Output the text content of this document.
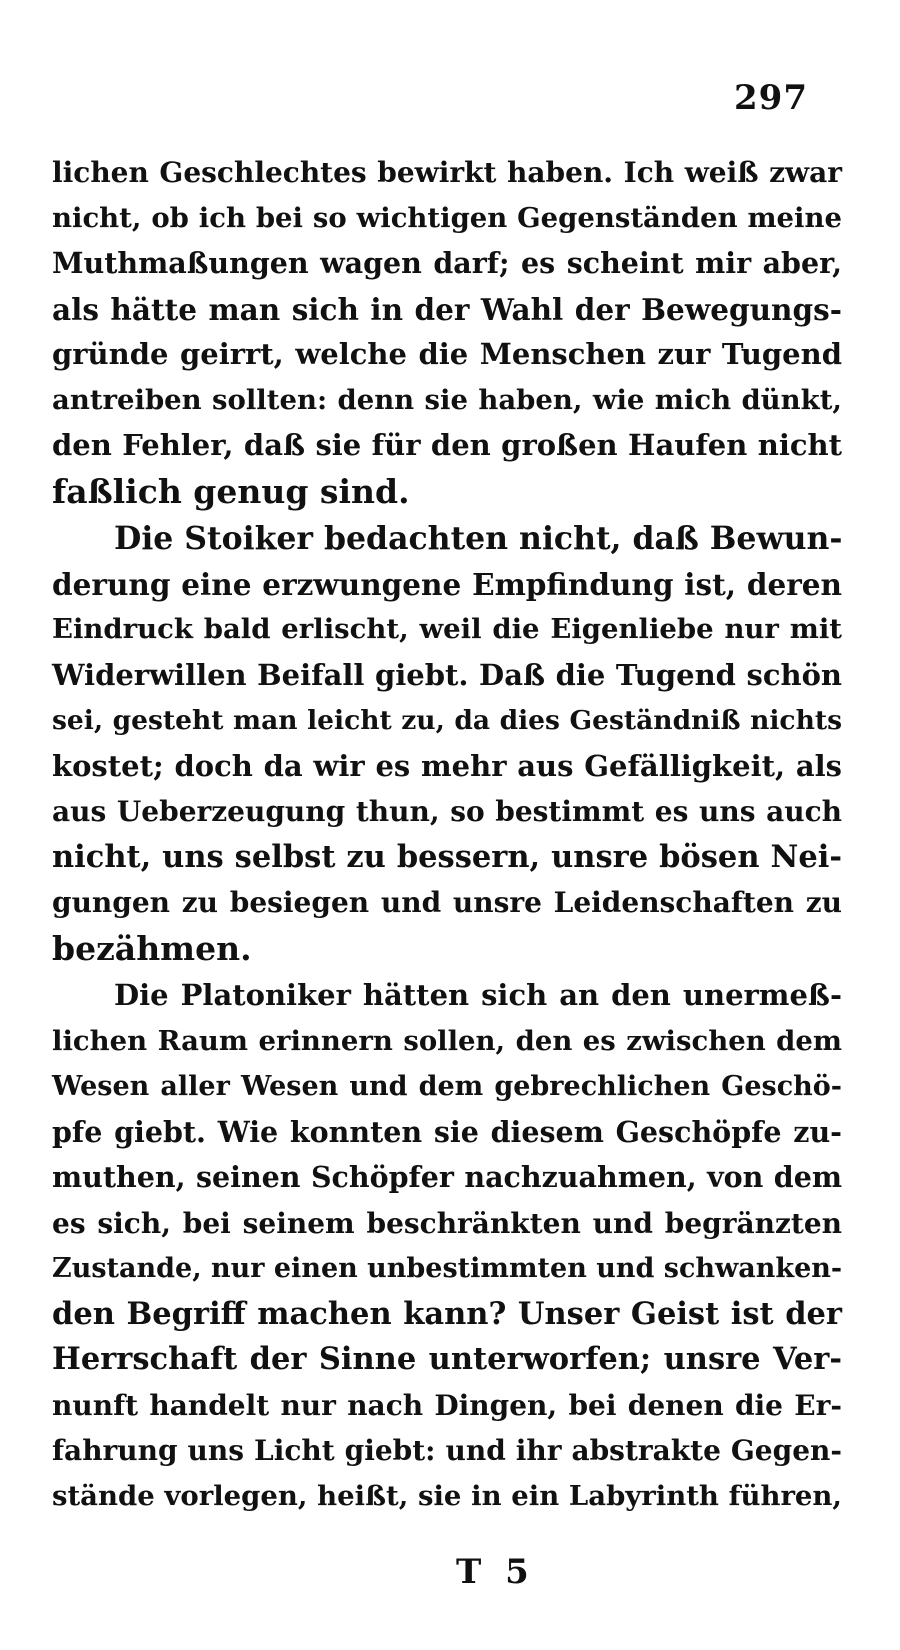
297
lichen Geschlechtes bewirkt haben. Ich weiß zwar
nicht, ob ich bei so wichtigen Gegenständen meine
Muthmaßungen wagen darf; es scheint mir aber,
als hätte man sich in der Wahl der Bewegungs-
gründe geirrt, welche die Menschen zur Tugend
antreiben sollten: denn sie haben, wie mich dünkt,
den Fehler, daß sie für den großen Haufen nicht
faßlich genug sind.
Die Stoiker bedachten nicht, daß Bewun-
derung eine erzwungene Empfindung ist, deren
Eindruck bald erlischt, weil die Eigenliebe nur mit
Widerwillen Beifall giebt. Daß die Tugend schön
sei, gesteht man leicht zu, da dies Geständniß nichts
kostet; doch da wir es mehr aus Gefälligkeit, als
aus Ueberzeugung thun, so bestimmt es uns auch
nicht, uns selbst zu bessern, unsre bösen Nei-
gungen zu besiegen und unsre Leidenschaften zu
bezähmen.
Die Platoniker hätten sich an den unermeß-
lichen Raum erinnern sollen, den es zwischen dem
Wesen aller Wesen und dem gebrechlichen Geschö-
pfe giebt. Wie konnten sie diesem Geschöpfe zu-
muthen, seinen Schöpfer nachzuahmen, von dem
es sich, bei seinem beschränkten und begränzten
Zustande, nur einen unbestimmten und schwanken-
den Begriff machen kann? Unser Geist ist der
Herrschaft der Sinne unterworfen; unsre Ver-
nunft handelt nur nach Dingen, bei denen die Er-
fahrung uns Licht giebt: und ihr abstrakte Gegen-
stände vorlegen, heißt, sie in ein Labyrinth führen,
T 5
